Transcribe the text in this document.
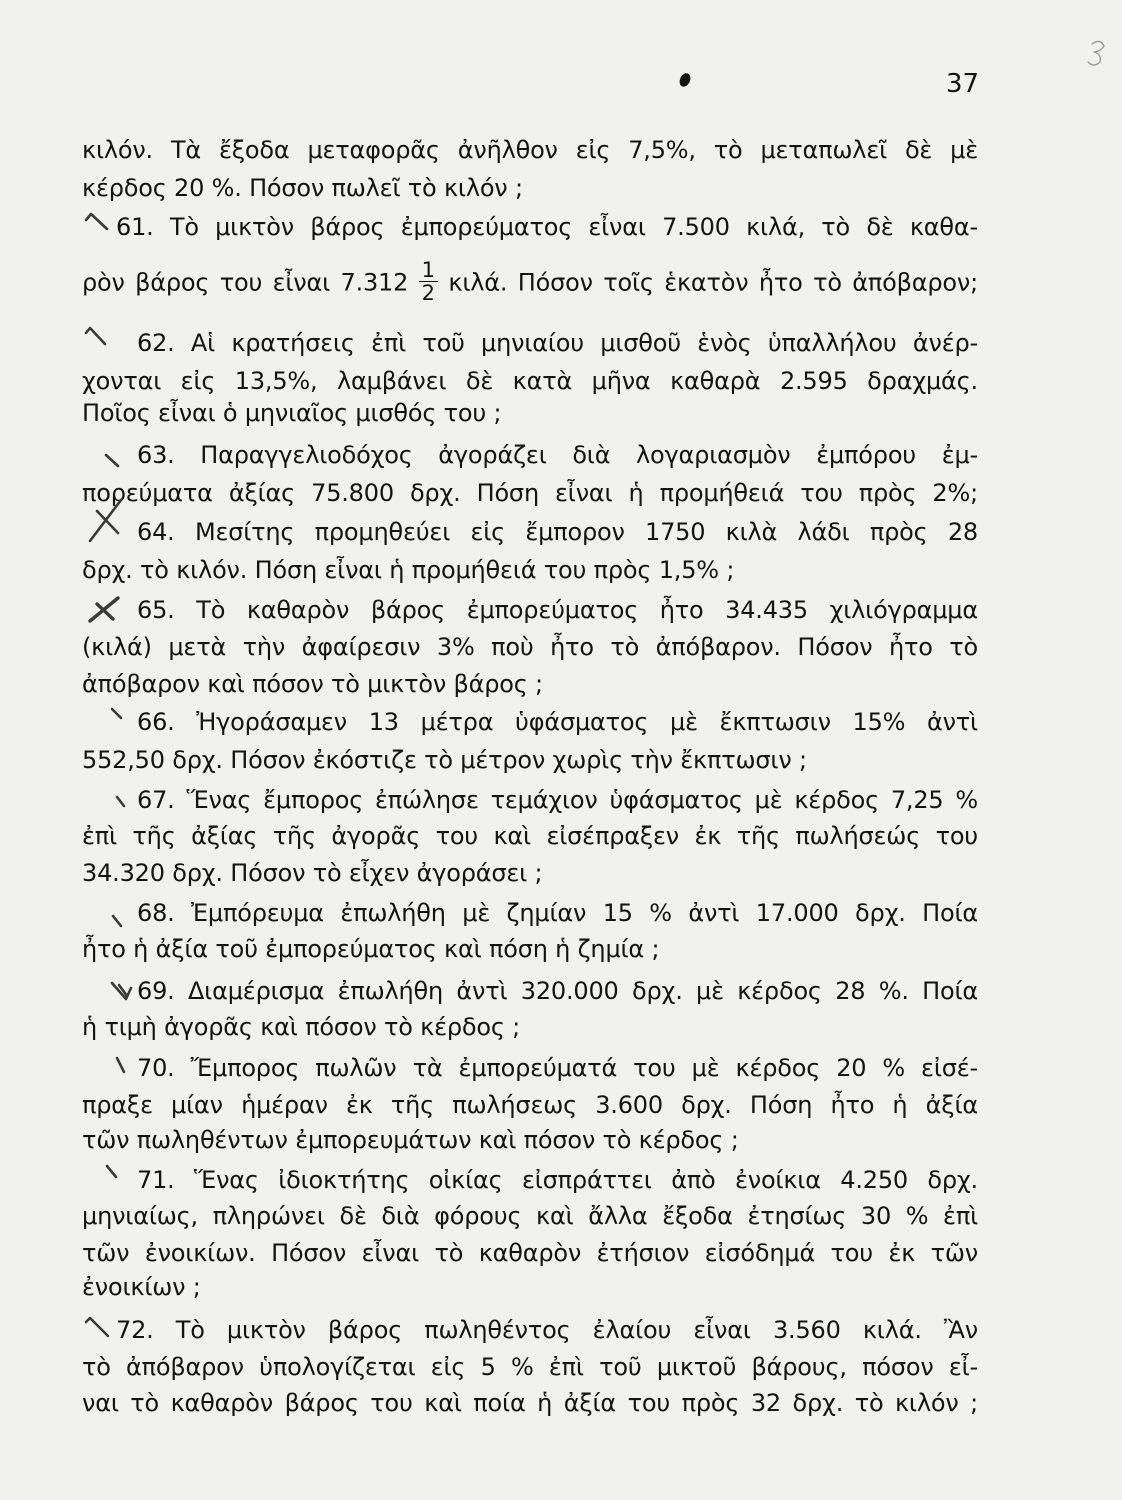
37
κιλόν. Τὰ ἔξοδα μεταφορᾶς ἀνῆλθον εἰς 7,5%, τὸ μεταπωλεῖ δὲ μὲ
κέρδος 20 %. Πόσον πωλεῖ τὸ κιλόν ;
61. Τὸ μικτὸν βάρος ἐμπορεύματος εἶναι 7.500 κιλά, τὸ δὲ καθα-
ρὸν βάρος του εἶναι $7.312 \frac{1}{2} \kappa\iota\lambda ά$. Πόσον τοῖς ἑκατὸν ἦτο τὸ ἀπόβαρον;
62. Αἱ κρατήσεις ἐπὶ τοῦ μηνιαίου μισθοῦ ἑνὸς ὑπαλλήλου ἀνέρ-
χονται εἰς 13,5%, λαμβάνει δὲ κατὰ μῆνα καθαρὰ 2.595 δραχμάς.
Ποῖος εἶναι ὁ μηνιαῖος μισθός του ;
63. Παραγγελιοδόχος ἀγοράζει διὰ λογαριασμὸν ἐμπόρου ἐμ-
πορεύματα ἀξίας 75.800 δρχ. Πόση εἶναι ἡ προμήθειά του πρὸς 2%;
64. Μεσίτης προμηθεύει εἰς ἔμπορον 1750 κιλὰ λάδι πρὸς 28
δρχ. τὸ κιλόν. Πόση εἶναι ἡ προμήθειά του πρὸς 1,5% ;
65. Τὸ καθαρὸν βάρος ἐμπορεύματος ἦτο 34.435 χιλιόγραμμα
(κιλά) μετὰ τὴν ἀφαίρεσιν 3% ποὺ ἦτο τὸ ἀπόβαρον. Πόσον ἦτο τὸ
ἀπόβαρον καὶ πόσον τὸ μικτὸν βάρος ;
66. Ἠγοράσαμεν 13 μέτρα ὑφάσματος μὲ ἔκπτωσιν 15% ἀντὶ
552,50 δρχ. Πόσον ἐκόστιζε τὸ μέτρον χωρὶς τὴν ἔκπτωσιν ;
67. Ἕνας ἔμπορος ἐπώλησε τεμάχιον ὑφάσματος μὲ κέρδος 7,25 %
ἐπὶ τῆς ἀξίας τῆς ἀγορᾶς του καὶ εἰσέπραξεν ἐκ τῆς πωλήσεώς του
34.320 δρχ. Πόσον τὸ εἶχεν ἀγοράσει ;
68. Ἐμπόρευμα ἐπωλήθη μὲ ζημίαν 15 % ἀντὶ 17.000 δρχ. Ποία
ἦτο ἡ ἀξία τοῦ ἐμπορεύματος καὶ πόση ἡ ζημία ;
69. Διαμέρισμα ἐπωλήθη ἀντὶ 320.000 δρχ. μὲ κέρδος 28 %. Ποία
ἡ τιμὴ ἀγορᾶς καὶ πόσον τὸ κέρδος ;
70. Ἔμπορος πωλῶν τὰ ἐμπορεύματά του μὲ κέρδος 20 % εἰσέ-
πραξε μίαν ἡμέραν ἐκ τῆς πωλήσεως 3.600 δρχ. Πόση ἦτο ἡ ἀξία
τῶν πωληθέντων ἐμπορευμάτων καὶ πόσον τὸ κέρδος ;
71. Ἕνας ἰδιοκτήτης οἰκίας εἰσπράττει ἀπὸ ἐνοίκια 4.250 δρχ.
μηνιαίως, πληρώνει δὲ διὰ φόρους καὶ ἄλλα ἔξοδα ἐτησίως 30 % ἐπὶ
τῶν ἐνοικίων. Πόσον εἶναι τὸ καθαρὸν ἐτήσιον εἰσόδημά του ἐκ τῶν
ἐνοικίων ;
72. Τὸ μικτὸν βάρος πωληθέντος ἐλαίου εἶναι 3.560 κιλά. Ἂν
τὸ ἀπόβαρον ὑπολογίζεται εἰς 5 % ἐπὶ τοῦ μικτοῦ βάρους, πόσον εἶ-
ναι τὸ καθαρὸν βάρος του καὶ ποία ἡ ἀξία του πρὸς 32 δρχ. τὸ κιλόν ;
